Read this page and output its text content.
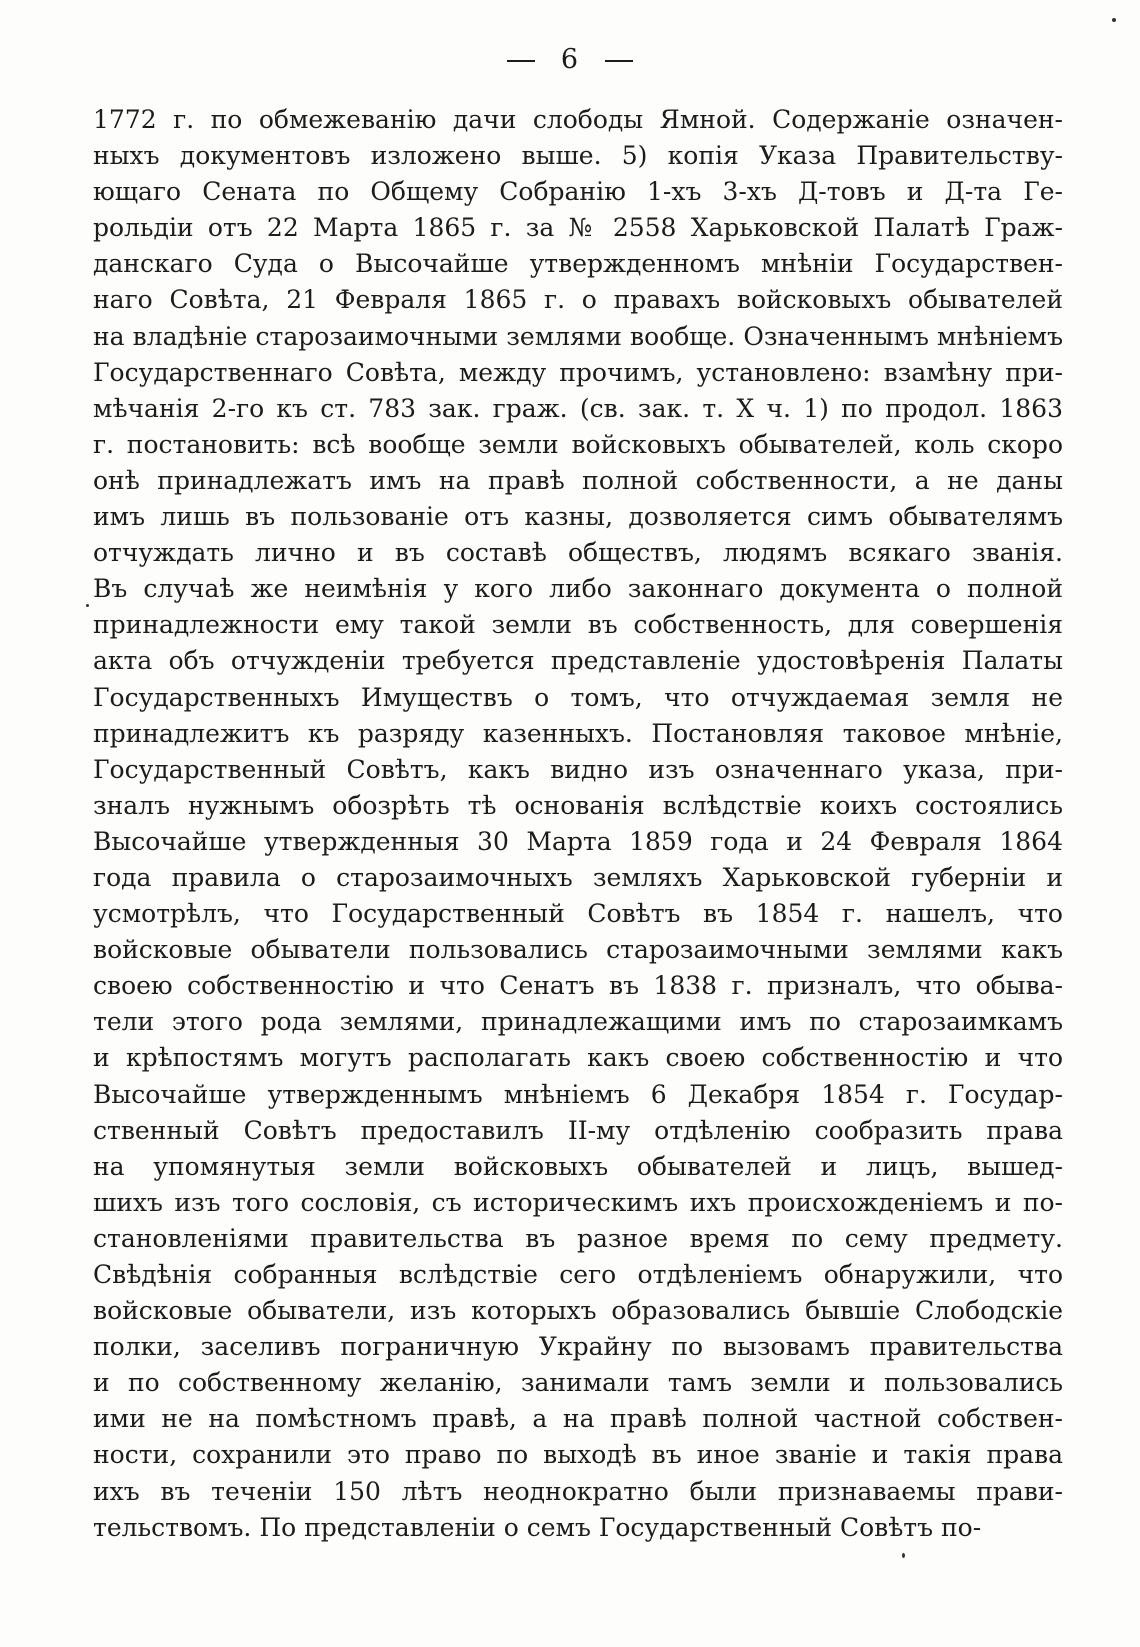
6
1772 г. по обмежеванію дачи слободы Ямной. Содержаніе означен-
ныхъ документовъ изложено выше. 5) копія Указа Правительству-
ющаго Сената по Общему Собранію 1-хъ 3-хъ Д-товъ и Д-та Ге-
рольдіи отъ 22 Марта 1865 г. за № 2558 Харьковской Палатѣ Граж-
данскаго Суда о Высочайше утвержденномъ мнѣніи Государствен-
наго Совѣта, 21 Февраля 1865 г. о правахъ войсковыхъ обывателей
на владѣніе старозаимочными землями вообще. Означеннымъ мнѣніемъ
Государственнаго Совѣта, между прочимъ, установлено: взамѣну при-
мѣчанія 2-го къ ст. 783 зак. граж. (св. зак. т. X ч. 1) по продол. 1863
г. постановить: всѣ вообще земли войсковыхъ обывателей, коль скоро
онѣ принадлежатъ имъ на правѣ полной собственности, а не даны
имъ лишь въ пользованіе отъ казны, дозволяется симъ обывателямъ
отчуждать лично и въ составѣ обществъ, людямъ всякаго званія.
Въ случаѣ же неимѣнія у кого либо законнаго документа о полной
принадлежности ему такой земли въ собственность, для совершенія
акта объ отчужденіи требуется представленіе удостовѣренія Палаты
Государственныхъ Имуществъ о томъ, что отчуждаемая земля не
принадлежитъ къ разряду казенныхъ. Постановляя таковое мнѣніе,
Государственный Совѣтъ, какъ видно изъ означеннаго указа, при-
зналъ нужнымъ обозрѣть тѣ основанія вслѣдствіе коихъ состоялись
Высочайше утвержденныя 30 Марта 1859 года и 24 Февраля 1864
года правила о старозаимочныхъ земляхъ Харьковской губерніи и
усмотрѣлъ, что Государственный Совѣтъ въ 1854 г. нашелъ, что
войсковые обыватели пользовались старозаимочными землями какъ
своею собственностію и что Сенатъ въ 1838 г. призналъ, что обыва-
тели этого рода землями, принадлежащими имъ по старозаимкамъ
и крѣпостямъ могутъ располагать какъ своею собственностію и что
Высочайше утвержденнымъ мнѣніемъ 6 Декабря 1854 г. Государ-
ственный Совѣтъ предоставилъ II-му отдѣленію сообразить права
на упомянутыя земли войсковыхъ обывателей и лицъ, вышед-
шихъ изъ того сословія, съ историческимъ ихъ происхожденіемъ и по-
становленіями правительства въ разное время по сему предмету.
Свѣдѣнія собранныя вслѣдствіе сего отдѣленіемъ обнаружили, что
войсковые обыватели, изъ которыхъ образовались бывшіе Слободскіе
полки, заселивъ пограничную Украйну по вызовамъ правительства
и по собственному желанію, занимали тамъ земли и пользовались
ими не на помѣстномъ правѣ, а на правѣ полной частной собствен-
ности, сохранили это право по выходѣ въ иное званіе и такія права
ихъ въ теченіи 150 лѣтъ неоднократно были признаваемы прави-
тельствомъ. По представленіи о семъ Государственный Совѣтъ по-
